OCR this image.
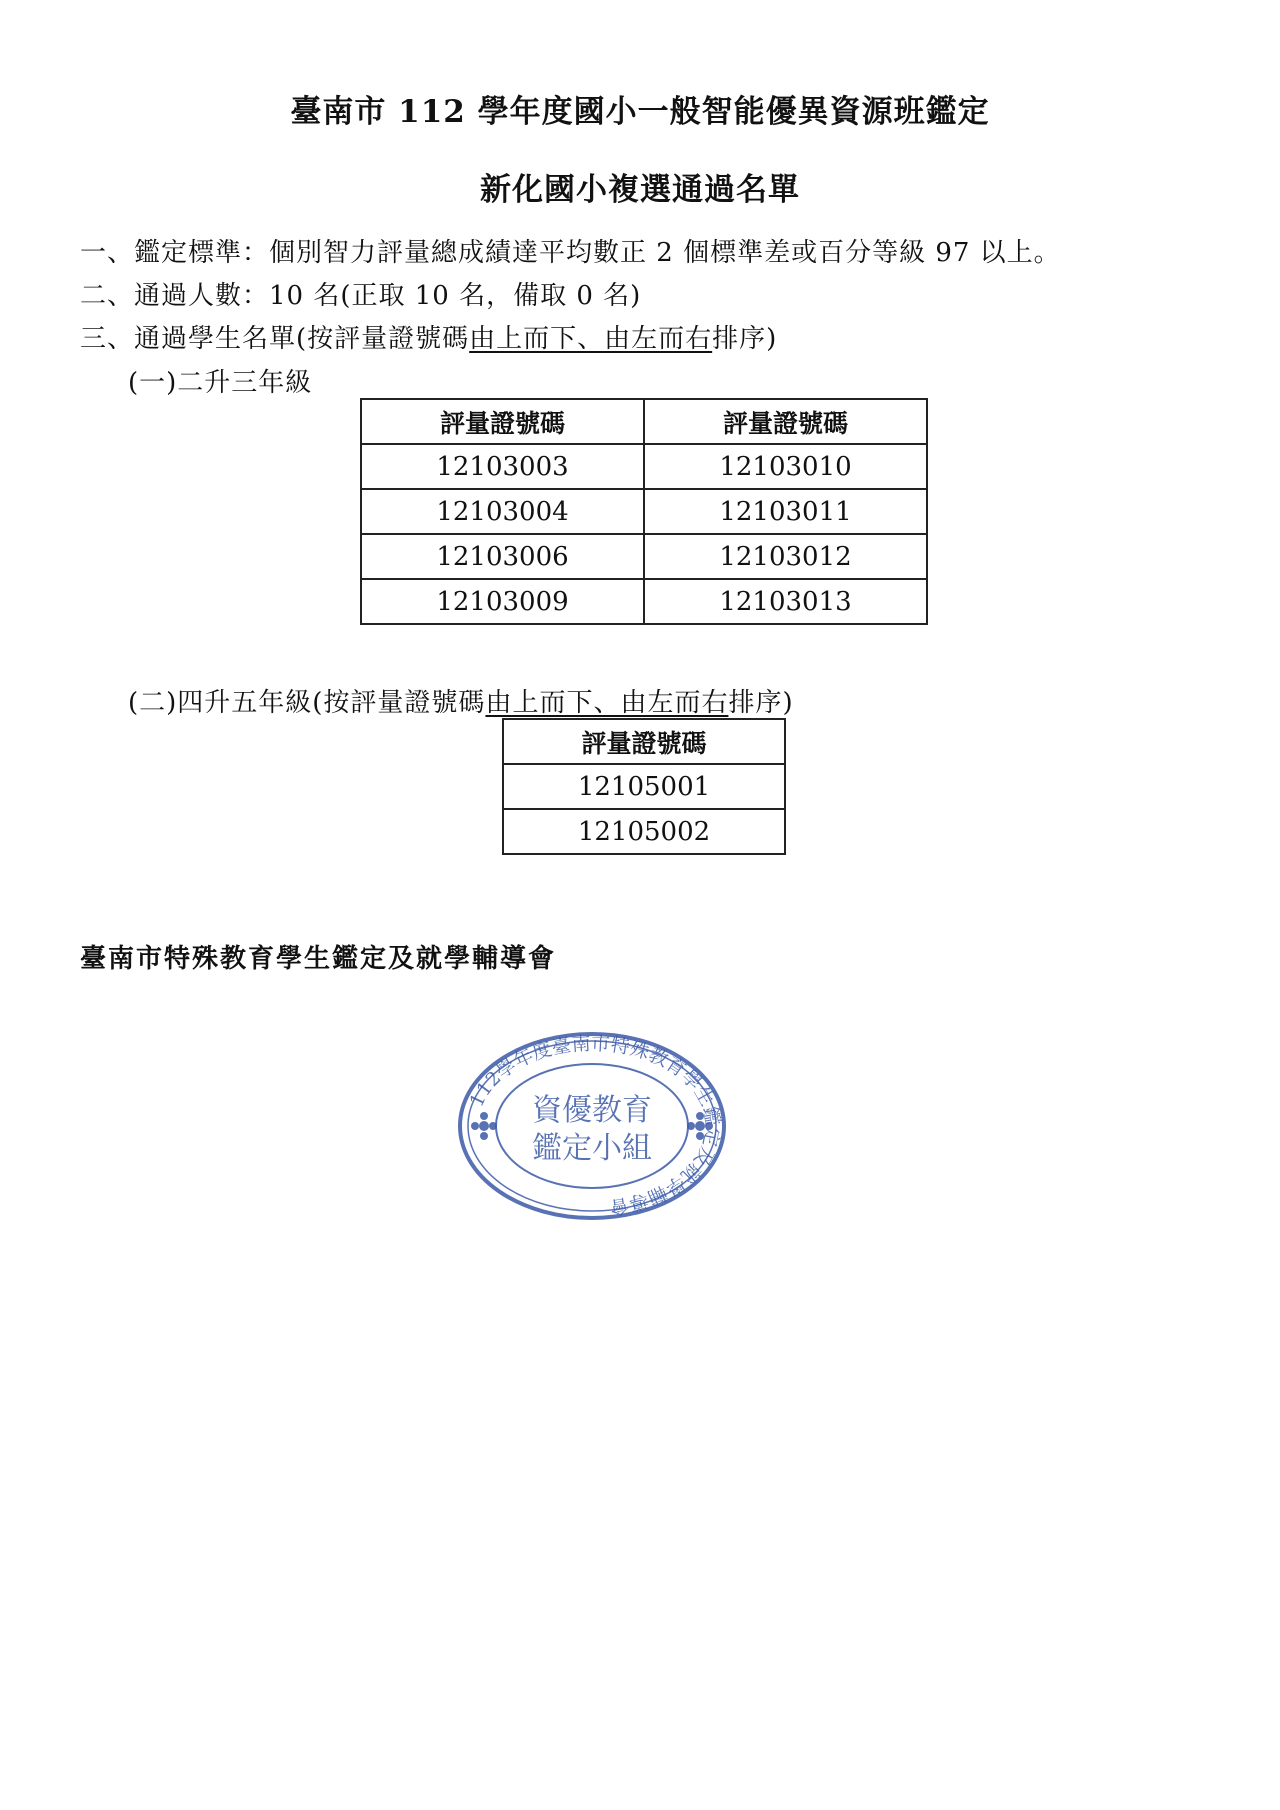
臺南市 112 學年度國小一般智能優異資源班鑑定
新化國小複選通過名單

一、鑑定標準：個別智力評量總成績達平均數正 2 個標準差或百分等級 97 以上。

二、通過人數：10 名(正取 10 名，備取 0 名)

三、通過學生名單(按評量證號碼由上而下、由左而右排序)

(一)二升三年級

評量證號碼	評量證號碼
12103003	12103010
12103004	12103011
12103006	12103012
12103009	12103013

(二)四升五年級(按評量證號碼由上而下、由左而右排序)

評量證號碼
12105001
12105002

臺南市特殊教育學生鑑定及就學輔導會

112學年度臺南市特殊教育學生鑑定及就學輔導會
資優教育
鑑定小組
